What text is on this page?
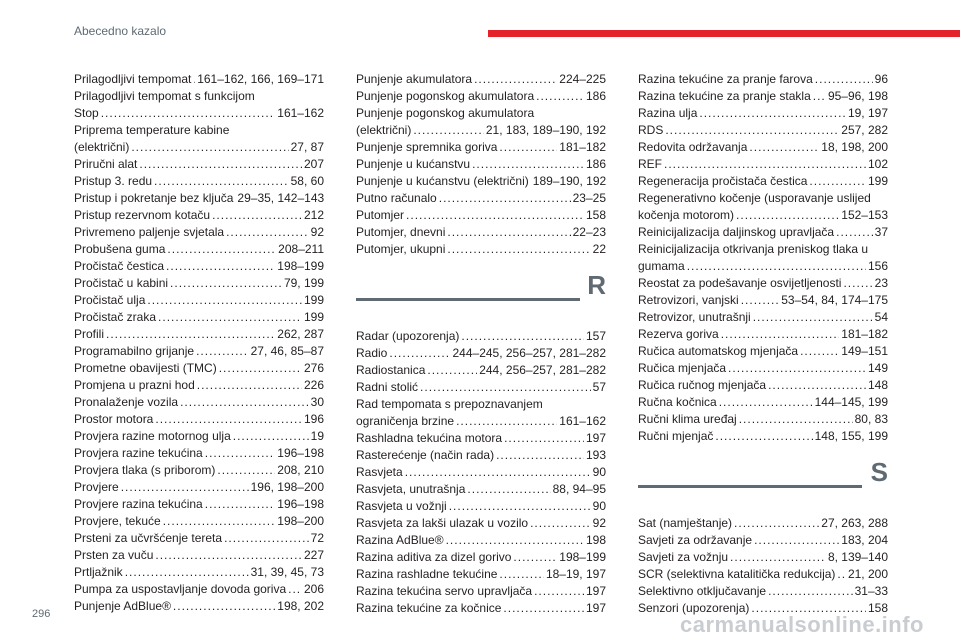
Abecedno kazalo
Prilagodljivi tempomat ..... 161–162, 166, 169–171
Prilagodljivi tempomat s funkcijom
Stop .....	161–162
Priprema temperature kabine
(električni) .....	27, 87
Priručni alat .....	207
Pristup 3. redu .....	58, 60
Pristup i pokretanje bez ključa 29–35, 142–143
Pristup rezervnom kotaču .....	212
Privremeno paljenje svjetala .....	92
Probušena guma .....	208–211
Pročistač čestica .....	198–199
Pročistač u kabini .....	79, 199
Pročistač ulja .....	199
Pročistač zraka .....	199
Profili .....	262, 287
Programabilno grijanje .....	27, 46, 85–87
Prometne obavijesti (TMC) .....	276
Promjena u prazni hod .....	226
Pronalaženje vozila .....	30
Prostor motora .....	196
Provjera razine motornog ulja .....	19
Provjera razine tekućina .....	196–198
Provjera tlaka (s priborom) .....	208, 210
Provjere .....	196, 198–200
Provjere razina tekućina .....	196–198
Provjere, tekuće .....	198–200
Prsteni za učvršćenje tereta .....	72
Prsten za vuču .....	227
Prtljažnik .....	31, 39, 45, 73
Pumpa za uspostavljanje dovoda goriva ..... 206
Punjenje AdBlue® .....	198, 202
Punjenje akumulatora .....	224–225
Punjenje pogonskog akumulatora .....	186
Punjenje pogonskog akumulatora
(električni) .....	21, 183, 189–190, 192
Punjenje spremnika goriva .....	181–182
Punjenje u kućanstvu .....	186
Punjenje u kućanstvu (električni) 189–190, 192
Putno računalo .....	23–25
Putomjer .....	158
Putomjer, dnevni .....	22–23
Putomjer, ukupni .....	22
R
Radar (upozorenja) .....	157
Radio .....	244–245, 256–257, 281–282
Radiostanica .....	244, 256–257, 281–282
Radni stolić .....	57
Rad tempomata s prepoznavanjem
ograničenja brzine .....	161–162
Rashladna tekućina motora .....	197
Rasterećenje (način rada) .....	193
Rasvjeta .....	90
Rasvjeta, unutrašnja .....	88, 94–95
Rasvjeta u vožnji .....	90
Rasvjeta za lakši ulazak u vozilo .....	92
Razina AdBlue® .....	198
Razina aditiva za dizel gorivo .....	198–199
Razina rashladne tekućine .....	18–19, 197
Razina tekućina servo upravljača .....	197
Razina tekućine za kočnice .....	197
Razina tekućine za pranje farova .....	96
Razina tekućine za pranje stakla ..... 95–96, 198
Razina ulja .....	19, 197
RDS .....	257, 282
Redovita održavanja .....	18, 198, 200
REF .....	102
Regeneracija pročistača čestica .....	199
Regenerativno kočenje (usporavanje uslijed
kočenja motorom) .....	152–153
Reinicijalizacija daljinskog upravljača .....	37
Reinicijalizacija otkrivanja preniskog tlaka u
gumama .....	156
Reostat za podešavanje osvijetljenosti .....	23
Retrovizori, vanjski .....	53–54, 84, 174–175
Retrovizor, unutrašnji .....	54
Rezerva goriva .....	181–182
Ručica automatskog mjenjača .....	149–151
Ručica mjenjača .....	149
Ručica ručnog mjenjača .....	148
Ručna kočnica .....	144–145, 199
Ručni klima uređaj .....	80, 83
Ručni mjenjač .....	148, 155, 199
S
Sat (namještanje) .....	27, 263, 288
Savjeti za održavanje .....	183, 204
Savjeti za vožnju .....	8, 139–140
SCR (selektivna katalitička redukcija) ..... 21, 200
Selektivno otključavanje .....	31–33
Senzori (upozorenja) .....	158
296	carmanualsonline.info
